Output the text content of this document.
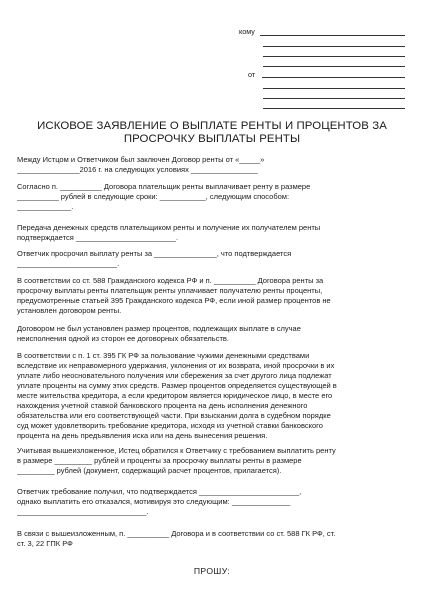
кому
от
ИСКОВОЕ ЗАЯВЛЕНИЕ О ВЫПЛАТЕ РЕНТЫ И ПРОЦЕНТОВ ЗА
ПРОСРОЧКУ ВЫПЛАТЫ РЕНТЫ
Между Истцом и Ответчиком был заключен Договор ренты от «_____»
_______________2016 г. на следующих условиях ________________
Согласно п. __________ Договора плательщик ренты выплачивает ренту в размере
__________ рублей в следующие сроки: ___________, следующим способом:
_____________.
Передача денежных средств плательщиком ренты и получение их получателем ренты
подтверждается ________________________.
Ответчик просрочил выплату ренты за _______________, что подтверждается
________________________.
В соответствии со ст. 588 Гражданского кодекса РФ и п. __________ Договора ренты за
просрочку выплаты ренты плательщик ренты уплачивает получателю ренты проценты,
предусмотренные статьей 395 Гражданского кодекса РФ, если иной размер процентов не
установлен договором ренты.
Договором не был установлен размер процентов, подлежащих выплате в случае
неисполнения одной из сторон ее договорных обязательств.
В соответствии с п. 1 ст. 395 ГК РФ за пользование чужими денежными средствами
вследствие их неправомерного удержания, уклонения от их возврата, иной просрочки в их
уплате либо неосновательного получения или сбережения за счет другого лица подлежат
уплате проценты на сумму этих средств. Размер процентов определяется существующей в
месте жительства кредитора, а если кредитором является юридическое лицо, в месте его
нахождения учетной ставкой банковского процента на день исполнения денежного
обязательства или его соответствующей части. При взыскании долга в судебном порядке
суд может удовлетворить требование кредитора, исходя из учетной ставки банковского
процента на день предъявления иска или на день вынесения решения.
Учитывая вышеизложенное, Истец обратился к Ответчику с требованием выплатить ренту
в размере _________ рублей и проценты за просрочку выплаты ренты в размере
_________ рублей (документ, содержащий расчет процентов, прилагается).
Ответчик требование получил, что подтверждается ________________________,
однако выплатить его отказался, мотивируя это следующим: ______________
_______________________________.
В связи с вышеизложенным, п. __________ Договора и в соответствии со ст. 588 ГК РФ, ст.
ст. 3, 22 ГПК РФ
ПРОШУ:
